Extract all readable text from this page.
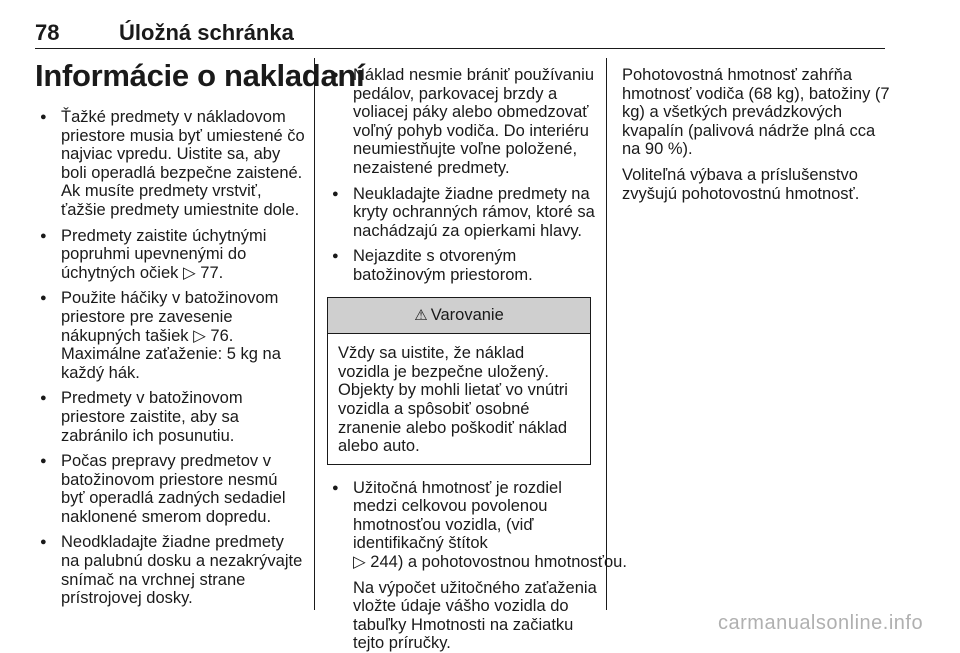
78	Úložná schránka
Informácie o nakladaní
● Ťažké predmety v nákladovom priestore musia byť umiestené čo najviac vpredu. Uistite sa, aby boli operadlá bezpečne zaistené. Ak musíte predmety vrstviť, ťažšie predmety umiestnite dole.
● Predmety zaistite úchytnými popruhmi upevnenými do úchytných očiek ▷ 77.
● Použite háčiky v batožinovom priestore pre zavesenie nákupných tašiek ▷ 76.
Maximálne zaťaženie: 5 kg na každý hák.
● Predmety v batožinovom priestore zaistite, aby sa zabránilo ich posunutiu.
● Počas prepravy predmetov v batožinovom priestore nesmú byť operadlá zadných sedadiel naklonené smerom dopredu.
● Neodkladajte žiadne predmety na palubnú dosku a nezakrývajte snímač na vrchnej strane prístrojovej dosky.
● Náklad nesmie brániť používaniu pedálov, parkovacej brzdy a voliacej páky alebo obmedzovať voľný pohyb vodiča. Do interiéru neumiestňujte voľne položené, nezaistené predmety.
● Neukladajte žiadne predmety na kryty ochranných rámov, ktoré sa nachádzajú za opierkami hlavy.
● Nejazdite s otvoreným batožinovým priestorom.
⚠ Varovanie
Vždy sa uistite, že náklad vozidla je bezpečne uložený. Objekty by mohli lietať vo vnútri vozidla a spôsobiť osobné zranenie alebo poškodiť náklad alebo auto.
● Užitočná hmotnosť je rozdiel medzi celkovou povolenou hmotnosťou vozidla, (viď identifikačný štítok ▷ 244) a pohotovostnou hmotnosťou.

Na výpočet užitočného zaťaženia vložte údaje vášho vozidla do tabuľky Hmotnosti na začiatku tejto príručky.

Pohotovostná hmotnosť zahŕňa hmotnosť vodiča (68 kg), batožiny (7 kg) a všetkých prevádzkových kvapalín (palivová nádrže plná cca na 90 %).

Voliteľná výbava a príslušenstvo zvyšujú pohotovostnú hmotnosť.

carmanualsonline.info
